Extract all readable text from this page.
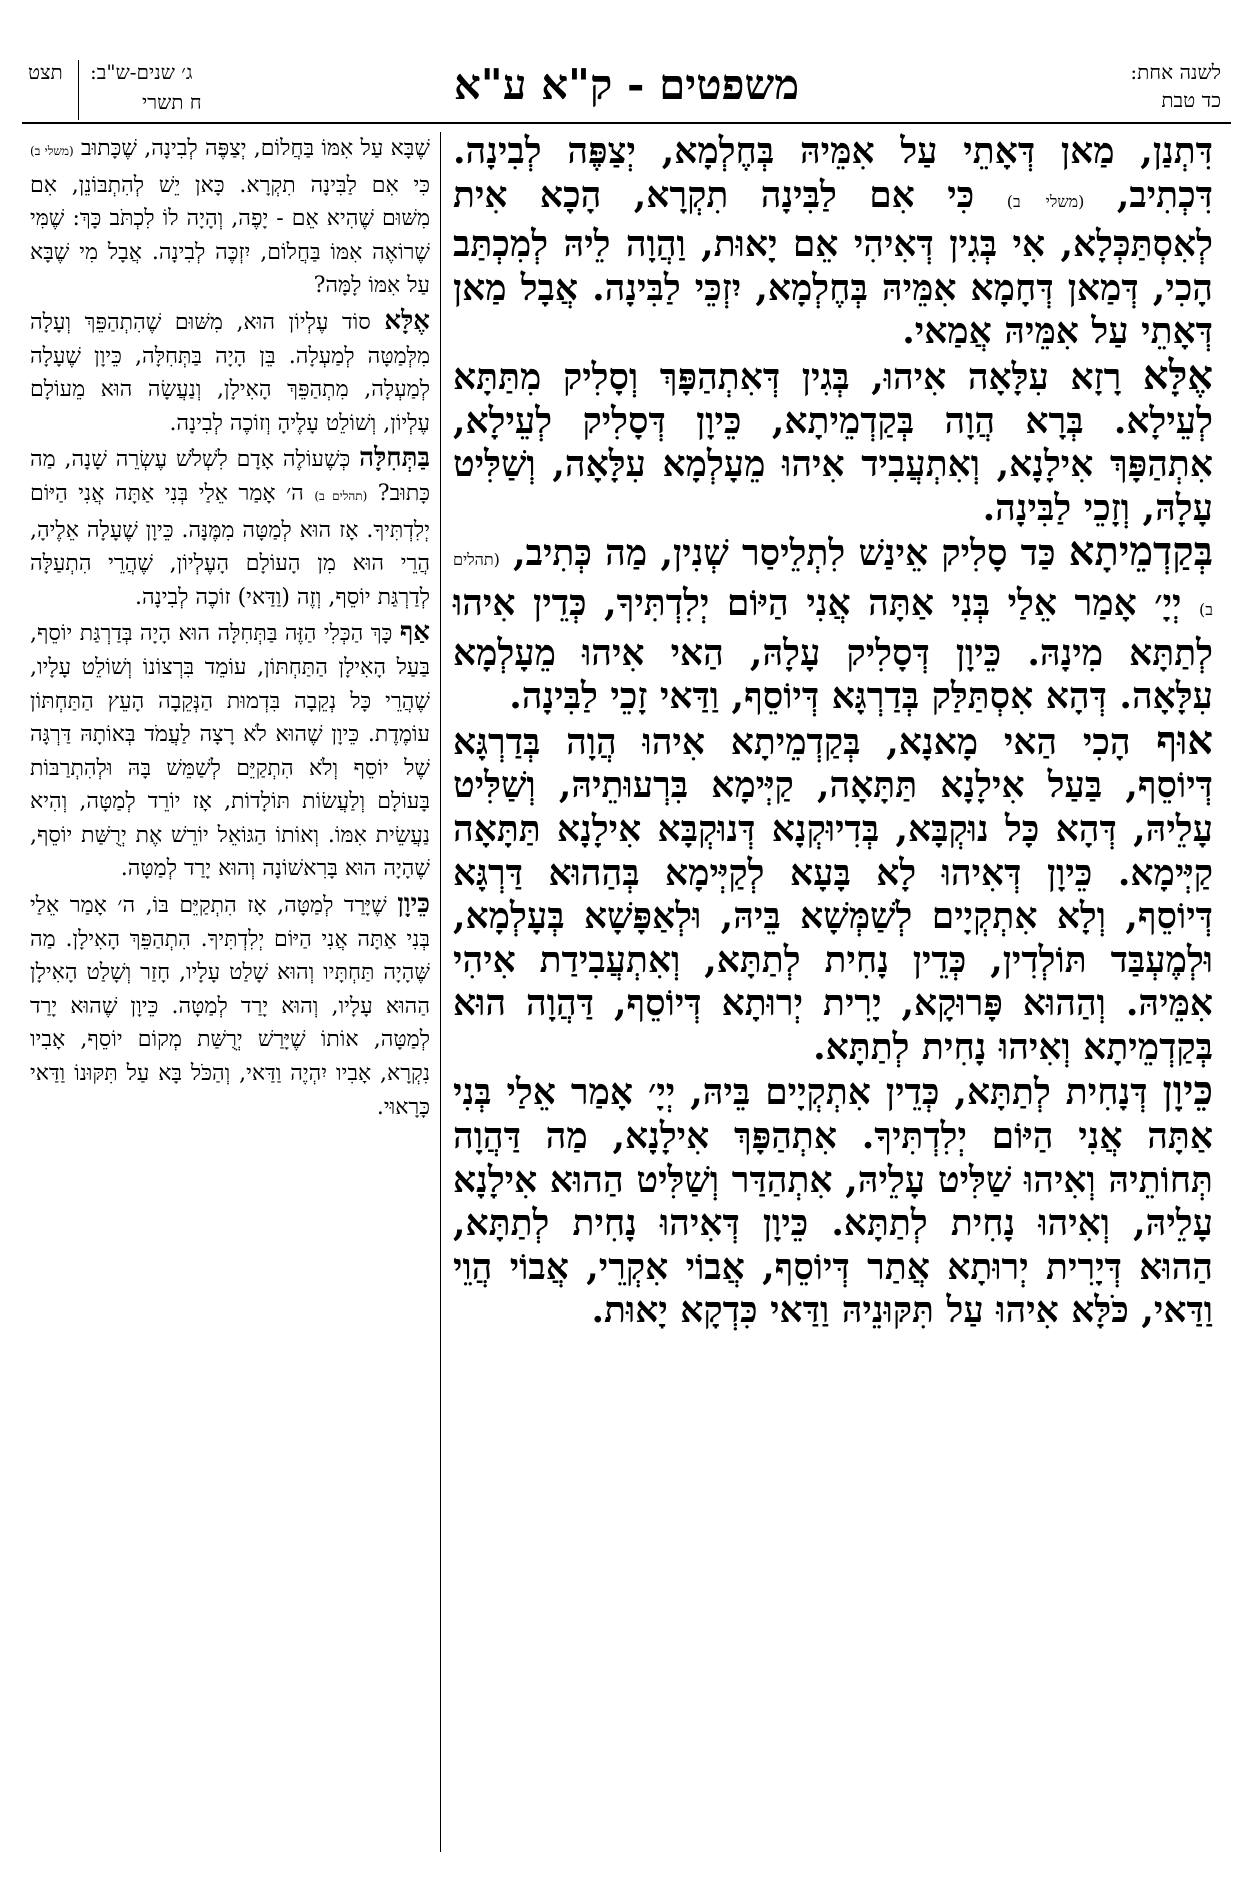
לשנה אחת:
כד טבת
משפטים - ק"א ע"א
תצט ג׳ שנים-ש"ב:
ח תשרי

דִּתְנַן, מַאן דְּאָתֵי עַל אִמֵּיהּ בְּחֶלְמָא, יְצַפֶּה לְבִינָה. דִּכְתִיב, (משלי ב) כִּי אִם לַבִּינָה תִקְרָא, הָכָא אִית לְאִסְתַּכְּלָא, אִי בְּגִין דְּאִיהִי אֵם יָאוּת, וַהֲוָה לֵיהּ לְמִכְתַּב הָכִי, דְּמַאן דְּחָמָא אִמֵּיהּ בְּחֶלְמָא, יִזְכֵּי לַבִּינָה. אֲבָל מַאן דְּאָתֵי עַל אִמֵּיהּ אֲמַאי.

אֶלָּא רָזָא עִלָּאָה אִיהוּ, בְּגִין דְּאִתְהַפָּךְ וְסָלִיק מִתַּתָּא לְעֵילָא. בְּרָא הֲוָה בְּקַדְמֵיתָא, כֵּיוָן דְּסָלִיק לְעֵילָא, אִתְהַפָּךְ אִילָנָא, וְאִתְעֲבִיד אִיהוּ מֵעָלְמָא עִלָּאָה, וְשַׁלִּיט עָלָהּ, וְזָכֵי לַבִּינָה.

בְּקַדְמֵיתָא כַּד סָלִיק אֵינַשׁ לִתְלֵיסַר שְׁנִין, מַה כְּתִיב, (תהלים ב) יְיָ׳ אָמַר אֵלַי בְּנִי אַתָּה אֲנִי הַיּוֹם יְלִדְתִּיךָ, כְּדֵין אִיהוּ לְתַתָּא מִינָהּ. כֵּיוָן דְּסָלִיק עָלָהּ, הַאי אִיהוּ מֵעָלְמָא עִלָּאָה. דְּהָא אִסְתַּלַּק בְּדַרְגָּא דְּיוֹסֵף, וַדַּאי זָכֵי לַבִּינָה.

אוּף הָכִי הַאי מָאנָא, בְּקַדְמֵיתָא אִיהוּ הֲוָה בְּדַרְגָּא דְּיוֹסֵף, בַּעַל אִילָנָא תַּתָּאָה, קַיְּימָא בִּרְעוּתֵיהּ, וְשַׁלִּיט עָלֵיהּ, דְּהָא כָּל נוּקְבָּא, בְּדִיוּקְנָא דְּנוּקְבָּא אִילָנָא תַּתָּאָה קַיְּימָא. כֵּיוָן דְּאִיהוּ לָא בָּעָא לְקַיְּימָא בְּהַהוּא דַּרְגָּא דְּיוֹסֵף, וְלָא אִתְקְיָים לְשַׁמְּשָׁא בֵּיהּ, וּלְאַפָּשָׁא בְּעָלְמָא, וּלְמֶעְבַּד תּוֹלְדִין, כְּדֵין נָחִית לְתַתָּא, וְאִתְעֲבִידַת אִיהִי אִמֵּיהּ. וְהַהוּא פָּרוּקָא, יָרִית יְרוּתָא דְּיוֹסֵף, דַּהֲוָה הוּא בְּקַדְמֵיתָא וְאִיהוּ נָחִית לְתַתָּא.

כֵּיוָן דְּנָחִית לְתַתָּא, כְּדֵין אִתְקְיָים בֵּיהּ, יְיָ׳ אָמַר אֵלַי בְּנִי אַתָּה אֲנִי הַיּוֹם יְלִדְתִּיךָ. אִתְהַפָּךְ אִילָנָא, מַה דַּהֲוָה תְּחוֹתֵיהּ וְאִיהוּ שַׁלִּיט עָלֵיהּ, אִתְהַדַּר וְשַׁלִּיט הַהוּא אִילָנָא עָלֵיהּ, וְאִיהוּ נָחִית לְתַתָּא. כֵּיוָן דְּאִיהוּ נָחִית לְתַתָּא, הַהוּא דְּיָרִית יְרוּתָא אֲתַר דְּיוֹסֵף, אֲבוֹי אִקְרֵי, אֲבוֹי הֲוֵי וַדַּאי, כֹּלָּא אִיהוּ עַל תִּקּוּנֵיהּ וַדַּאי כִּדְקָא יָאוּת.

שֶׁבָּא עַל אִמּוֹ בַּחֲלוֹם, יְצַפֶּה לְבִינָה, שֶׁכָּתוּב (משלי ב) כִּי אִם לַבִּינָה תִקְרָא. כָּאן יֵשׁ לְהִתְבּוֹנֵן, אִם מִשּׁוּם שֶׁהִיא אֵם - יָפֶה, וְהָיָה לוֹ לִכְתֹּב כָּךְ: שֶׁמִּי שֶׁרוֹאֶה אִמּוֹ בַּחֲלוֹם, יִזְכֶּה לְבִינָה. אֲבָל מִי שֶׁבָּא עַל אִמּוֹ לָמָּה?

אֶלָּא סוֹד עֶלְיוֹן הוּא, מִשּׁוּם שֶׁהִתְהַפֵּךְ וְעָלָה מִלְּמַטָּה לְמַעְלָה. בֵּן הָיָה בַּתְּחִלָּה, כֵּיוָן שֶׁעָלָה לְמַעְלָה, מִתְהַפֵּךְ הָאִילָן, וְנַעֲשָׂה הוּא מֵעוֹלָם עֶלְיוֹן, וְשׁוֹלֵט עָלֶיהָ וְזוֹכֶה לְבִינָה.

בַּתְּחִלָּה כְּשֶׁעוֹלֶה אָדָם לִשְׁלֹשׁ עֶשְׂרֵה שָׁנָה, מַה כָּתוּב? (תהלים ב) ה׳ אָמַר אֵלַי בְּנִי אַתָּה אֲנִי הַיּוֹם יְלִדְתִּיךָ. אָז הוּא לְמַטָּה מִמֶּנָּה. כֵּיוָן שֶׁעָלָה אֵלֶיהָ, הֲרֵי הוּא מִן הָעוֹלָם הָעֶלְיוֹן, שֶׁהֲרֵי הִתְעַלָּה לְדַרְגַּת יוֹסֵף, וְזֶה (וַדַּאי) זוֹכֶה לְבִינָה.

אַף כָּךְ הַכְּלִי הַזֶּה בַּתְּחִלָּה הוּא הָיָה בְּדַרְגַּת יוֹסֵף, בַּעַל הָאִילָן הַתַּחְתּוֹן, עוֹמֵד בִּרְצוֹנוֹ וְשׁוֹלֵט עָלָיו, שֶׁהֲרֵי כָּל נְקֵבָה בִּדְמוּת הַנְּקֵבָה הָעֵץ הַתַּחְתּוֹן עוֹמֶדֶת. כֵּיוָן שֶׁהוּא לֹא רָצָה לַעֲמֹד בְּאוֹתָהּ דַּרְגָּה שֶׁל יוֹסֵף וְלֹא הִתְקַיֵּם לְשַׁמֵּשׁ בָּהּ וּלְהִתְרַבּוֹת בָּעוֹלָם וְלַעֲשׂוֹת תּוֹלָדוֹת, אָז יוֹרֵד לְמַטָּה, וְהִיא נַעֲשֵׂית אִמּוֹ. וְאוֹתוֹ הַגּוֹאֵל יוֹרֵשׁ אֶת יְרֻשַּׁת יוֹסֵף, שֶׁהָיָה הוּא בָּרִאשׁוֹנָה וְהוּא יָרַד לְמַטָּה.

כֵּיוָן שֶׁיָּרַד לְמַטָּה, אָז הִתְקַיֵּם בּוֹ, ה׳ אָמַר אֵלַי בְּנִי אַתָּה אֲנִי הַיּוֹם יְלִדְתִּיךָ. הִתְהַפֵּךְ הָאִילָן. מַה שֶּׁהָיָה תַּחְתָּיו וְהוּא שָׁלַט עָלָיו, חָזַר וְשָׁלַט הָאִילָן הַהוּא עָלָיו, וְהוּא יָרַד לְמַטָּה. כֵּיוָן שֶׁהוּא יָרַד לְמַטָּה, אוֹתוֹ שֶׁיָּרַשׁ יְרֻשַּׁת מְקוֹם יוֹסֵף, אָבִיו נִקְרָא, אָבִיו יִהְיֶה וַדַּאי, וְהַכֹּל בָּא עַל תִּקּוּנוֹ וַדַּאי כָּרָאוּי.
